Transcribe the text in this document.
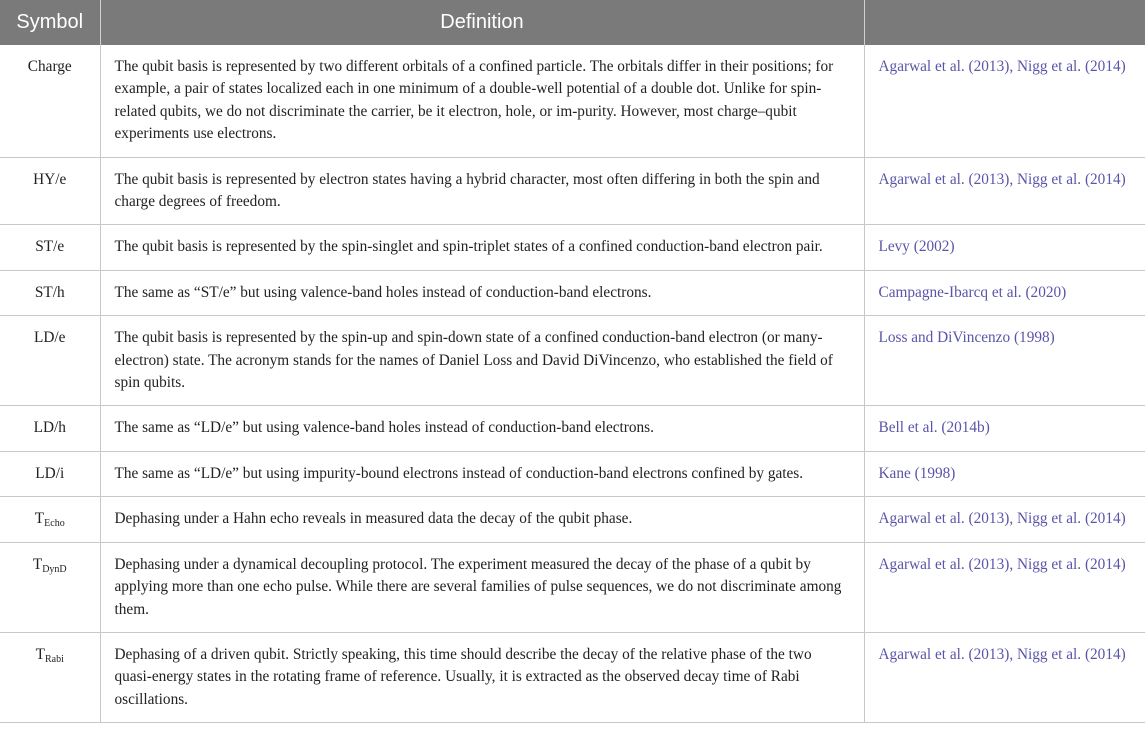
Symbol	Definition	
Charge	The qubit basis is represented by two different orbitals of a confined particle. The orbitals differ in their positions; for example, a pair of states localized each in one minimum of a double-well potential of a double dot. Unlike for spin-related qubits, we do not discriminate the carrier, be it electron, hole, or im-purity. However, most charge–qubit experiments use electrons.	Agarwal et al. (2013), Nigg et al. (2014)
HY/e	The qubit basis is represented by electron states having a hybrid character, most often differing in both the spin and charge degrees of freedom.	Agarwal et al. (2013), Nigg et al. (2014)
ST/e	The qubit basis is represented by the spin-singlet and spin-triplet states of a confined conduction-band electron pair.	Levy (2002)
ST/h	The same as “ST/e” but using valence-band holes instead of conduction-band electrons.	Campagne-Ibarcq et al. (2020)
LD/e	The qubit basis is represented by the spin-up and spin-down state of a confined conduction-band electron (or many-electron) state. The acronym stands for the names of Daniel Loss and David DiVincenzo, who established the field of spin qubits.	Loss and DiVincenzo (1998)
LD/h	The same as “LD/e” but using valence-band holes instead of conduction-band electrons.	Bell et al. (2014b)
LD/i	The same as “LD/e” but using impurity-bound electrons instead of conduction-band electrons confined by gates.	Kane (1998)
$T_{Echo}$	Dephasing under a Hahn echo reveals in measured data the decay of the qubit phase.	Agarwal et al. (2013), Nigg et al. (2014)
$T_{DynD}$	Dephasing under a dynamical decoupling protocol. The experiment measured the decay of the phase of a qubit by applying more than one echo pulse. While there are several families of pulse sequences, we do not discriminate among them.	Agarwal et al. (2013), Nigg et al. (2014)
$T_{Rabi}$	Dephasing of a driven qubit. Strictly speaking, this time should describe the decay of the relative phase of the two quasi-energy states in the rotating frame of reference. Usually, it is extracted as the observed decay time of Rabi oscillations.	Agarwal et al. (2013), Nigg et al. (2014)
